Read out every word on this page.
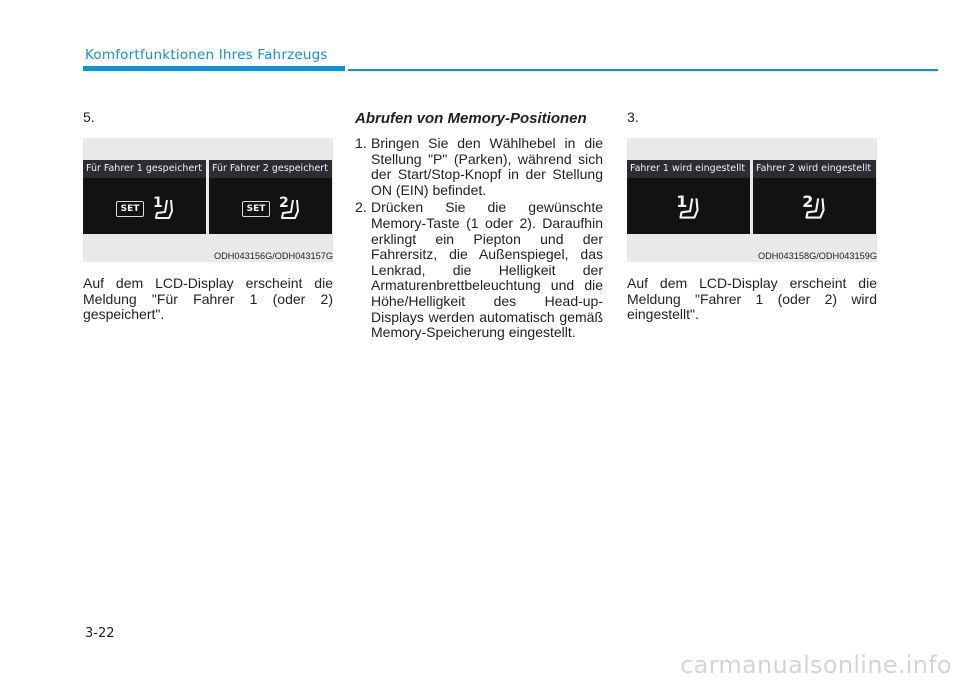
Komfortfunktionen Ihres Fahrzeugs
5.
Für Fahrer 1 gespeichert
SET 1
Für Fahrer 2 gespeichert
SET 2
ODH043156G/ODH043157G
Auf dem LCD-Display erscheint die Meldung "Für Fahrer 1 (oder 2) gespeichert".
Abrufen von Memory-Positionen
1. Bringen Sie den Wählhebel in die Stellung "P" (Parken), während sich der Start/Stop-Knopf in der Stellung ON (EIN) befindet.
2. Drücken Sie die gewünschte Memory-Taste (1 oder 2). Daraufhin erklingt ein Piepton und der Fahrersitz, die Außenspiegel, das Lenkrad, die Helligkeit der Armaturenbrettbeleuchtung und die Höhe/Helligkeit des Head-up-Displays werden automatisch gemäß Memory-Speicherung eingestellt.
3.
Fahrer 1 wird eingestellt
1
Fahrer 2 wird eingestellt
2
ODH043158G/ODH043159G
Auf dem LCD-Display erscheint die Meldung "Fahrer 1 (oder 2) wird eingestellt".
3-22
carmanualsonline.info
